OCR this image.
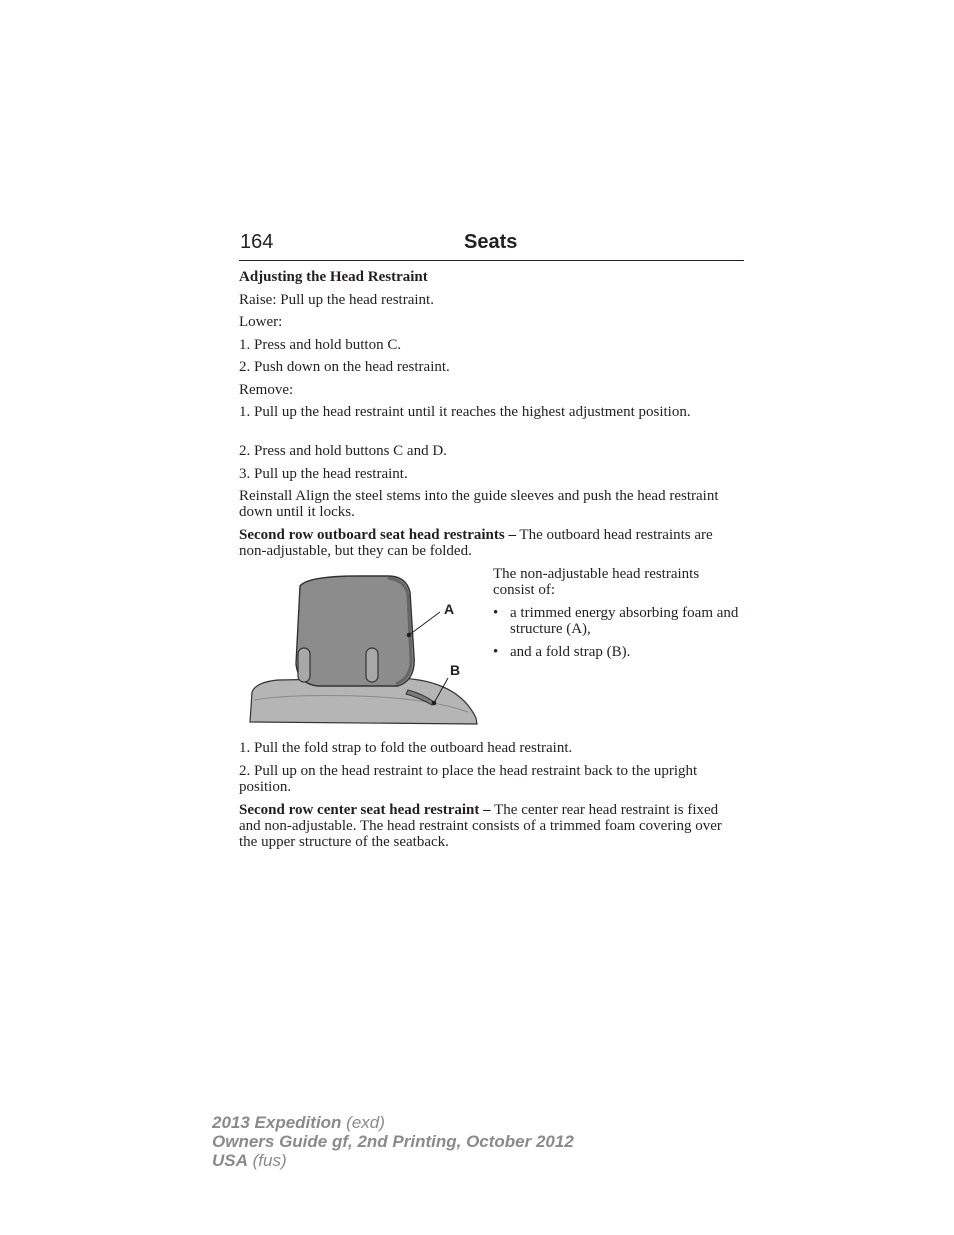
164	Seats
Adjusting the Head Restraint
Raise: Pull up the head restraint.
Lower:
1. Press and hold button C.
2. Push down on the head restraint.
Remove:
1. Pull up the head restraint until it reaches the highest adjustment position.
2. Press and hold buttons C and D.
3. Pull up the head restraint.
Reinstall Align the steel stems into the guide sleeves and push the head restraint down until it locks.
Second row outboard seat head restraints – The outboard head restraints are non-adjustable, but they can be folded.
A
B
The non-adjustable head restraints consist of:
• a trimmed energy absorbing foam and structure (A),
• and a fold strap (B).
1. Pull the fold strap to fold the outboard head restraint.
2. Pull up on the head restraint to place the head restraint back to the upright position.
Second row center seat head restraint – The center rear head restraint is fixed and non-adjustable. The head restraint consists of a trimmed foam covering over the upper structure of the seatback.
2013 Expedition (exd)
Owners Guide gf, 2nd Printing, October 2012
USA (fus)
